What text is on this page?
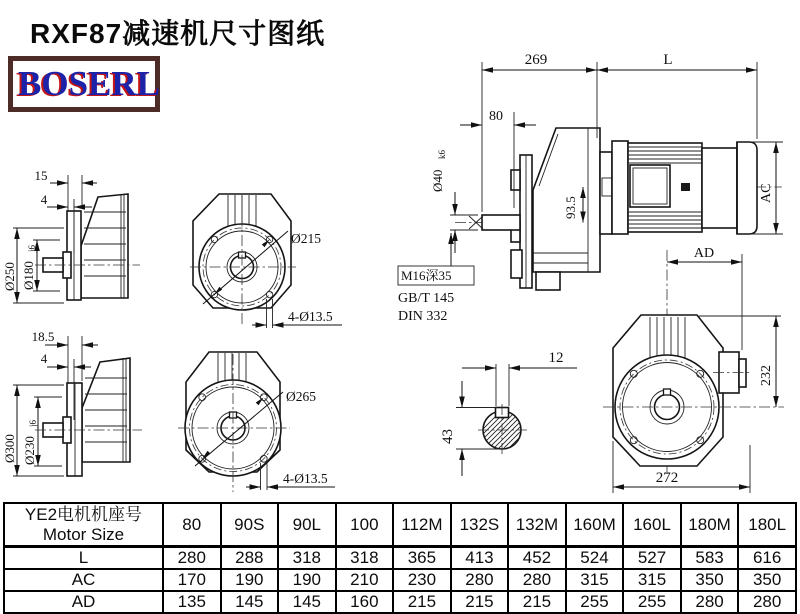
RXF87减速机尺寸图纸
BOSERL
15
4
Ø250 Ø180
j6
18.5
4
Ø300 Ø230
j6
Ø215
4-Ø13.5
Ø265
4-Ø13.5
269	L
80
Ø40
k6
93.5
AC
M16深35
GB/T 145
DIN 332
12
43
AD
232
272
YE2电机机座号
Motor Size	80	90S	90L	100	112M	132S	132M	160M	160L	180M	180L
L	280	288	318	318	365	413	452	524	527	583	616
AC	170	190	190	210	230	280	280	315	315	350	350
AD	135	145	145	160	215	215	215	255	255	280	280
